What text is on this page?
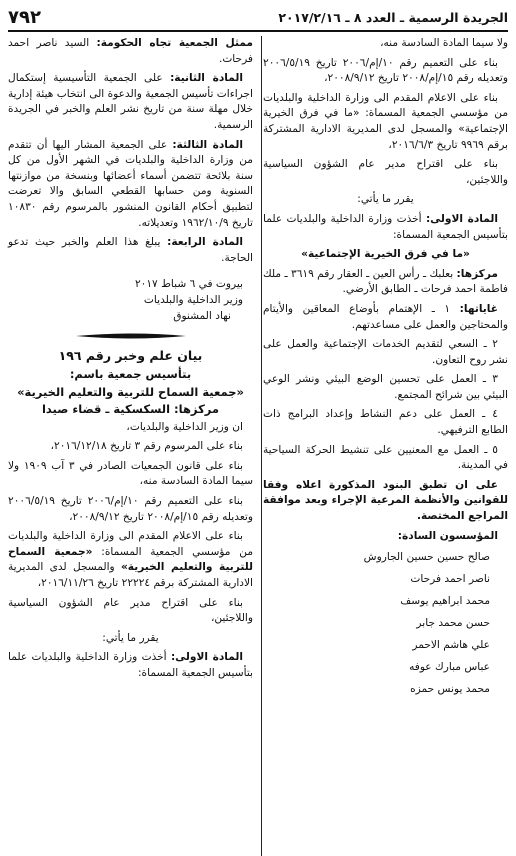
الجريدة الرسمية ـ العدد ٨ ـ ٢٠١٧/٢/١٦
٧٩٢

ولا سيما المادة السادسة منه،

بناء على التعميم رقم ١٠/إم/٢٠٠٦ تاريخ ٢٠٠٦/٥/١٩ وتعديله رقم ١٥/إم/٢٠٠٨ تاريخ ٢٠٠٨/٩/١٢،

بناء على الاعلام المقدم الى وزارة الداخلية والبلديات من مؤسسي الجمعية المسماة: «ما في فرق الخيرية الإجتماعية» والمسجل لدى المديرية الادارية المشتركة برقم ٩٩٦٩ تاريخ ٢٠١٦/٦/٣،

بناء على اقتراح مدير عام الشؤون السياسية واللاجئين،

يقرر ما يأتي:

المادة الاولى: أخذت وزارة الداخلية والبلديات علما بتأسيس الجمعية المسماة:

«ما في فرق الخيرية الإجتماعية»

مركزها: بعلبك ـ رأس العين ـ العقار رقم ٣٦١٩ ـ ملك فاطمة احمد فرحات ـ الطابق الأرضي.

غاياتها: ١ ـ الإهتمام بأوضاع المعاقين والأيتام والمحتاجين والعمل على مساعدتهم.

٢ ـ السعي لتقديم الخدمات الإجتماعية والعمل على نشر روح التعاون.

٣ ـ العمل على تحسين الوضع البيئي ونشر الوعي البيئي بين شرائح المجتمع.

٤ ـ العمل على دعم النشاط وإعداد البرامج ذات الطابع الترفيهي.

٥ ـ العمل مع المعنيين على تنشيط الحركة السياحية في المدينة.

على ان تطبق البنود المذكورة اعلاه وفقا للقوانين والأنظمة المرعية الإجراء وبعد موافقة المراجع المختصة.

المؤسسون السادة:

صالح حسين حسين الجاروش
ناصر احمد فرحات
محمد ابراهيم يوسف
حسن محمد جابر
علي هاشم الاحمر
عباس مبارك عوفه
محمد يونس حمزه

ممثل الجمعية تجاه الحكومة: السيد ناصر احمد فرحات.

المادة الثانية: على الجمعية التأسيسية إستكمال اجراءات تأسيس الجمعية والدعوة الى انتخاب هيئة إدارية خلال مهلة سنة من تاريخ نشر العلم والخبر في الجريدة الرسمية.

المادة الثالثة: على الجمعية المشار اليها أن تتقدم من وزارة الداخلية والبلديات في الشهر الأول من كل سنة بلائحة تتضمن أسماء أعضائها وبنسخة من موازنتها السنوية ومن حسابها القطعي السابق والا تعرضت لتطبيق أحكام القانون المنشور بالمرسوم رقم ١٠٨٣٠ تاريخ ١٩٦٢/١٠/٩ وتعديلاته.

المادة الرابعة: يبلغ هذا العلم والخبر حيث تدعو الحاجة.

بيروت في ٦ شباط ٢٠١٧

وزير الداخلية والبلديات

نهاد المشنوق

بيان علم وخبر رقم ١٩٦
بتأسيس جمعية باسم:
«جمعية السماح للتربية والتعليم الخيرية»
مركزها: السكسكية ـ قضاء صيدا

ان وزير الداخلية والبلديات،

بناء على المرسوم رقم ٣ تاريخ ٢٠١٦/١٢/١٨،

بناء على قانون الجمعيات الصادر في ٣ آب ١٩٠٩ ولا سيما المادة السادسة منه،

بناء على التعميم رقم ١٠/إم/٢٠٠٦ تاريخ ٢٠٠٦/٥/١٩ وتعديله رقم ١٥/إم/٢٠٠٨ تاريخ ٢٠٠٨/٩/١٢،

بناء على الاعلام المقدم الى وزارة الداخلية والبلديات من مؤسسي الجمعية المسماة: «جمعية السماح للتربية والتعليم الخيرية» والمسجل لدى المديرية الادارية المشتركة برقم ٢٢٢٢٤ تاريخ ٢٠١٦/١١/٢٦،

بناء على اقتراح مدير عام الشؤون السياسية واللاجئين،

يقرر ما يأتي:

المادة الاولى: أخذت وزارة الداخلية والبلديات علما بتأسيس الجمعية المسماة:
